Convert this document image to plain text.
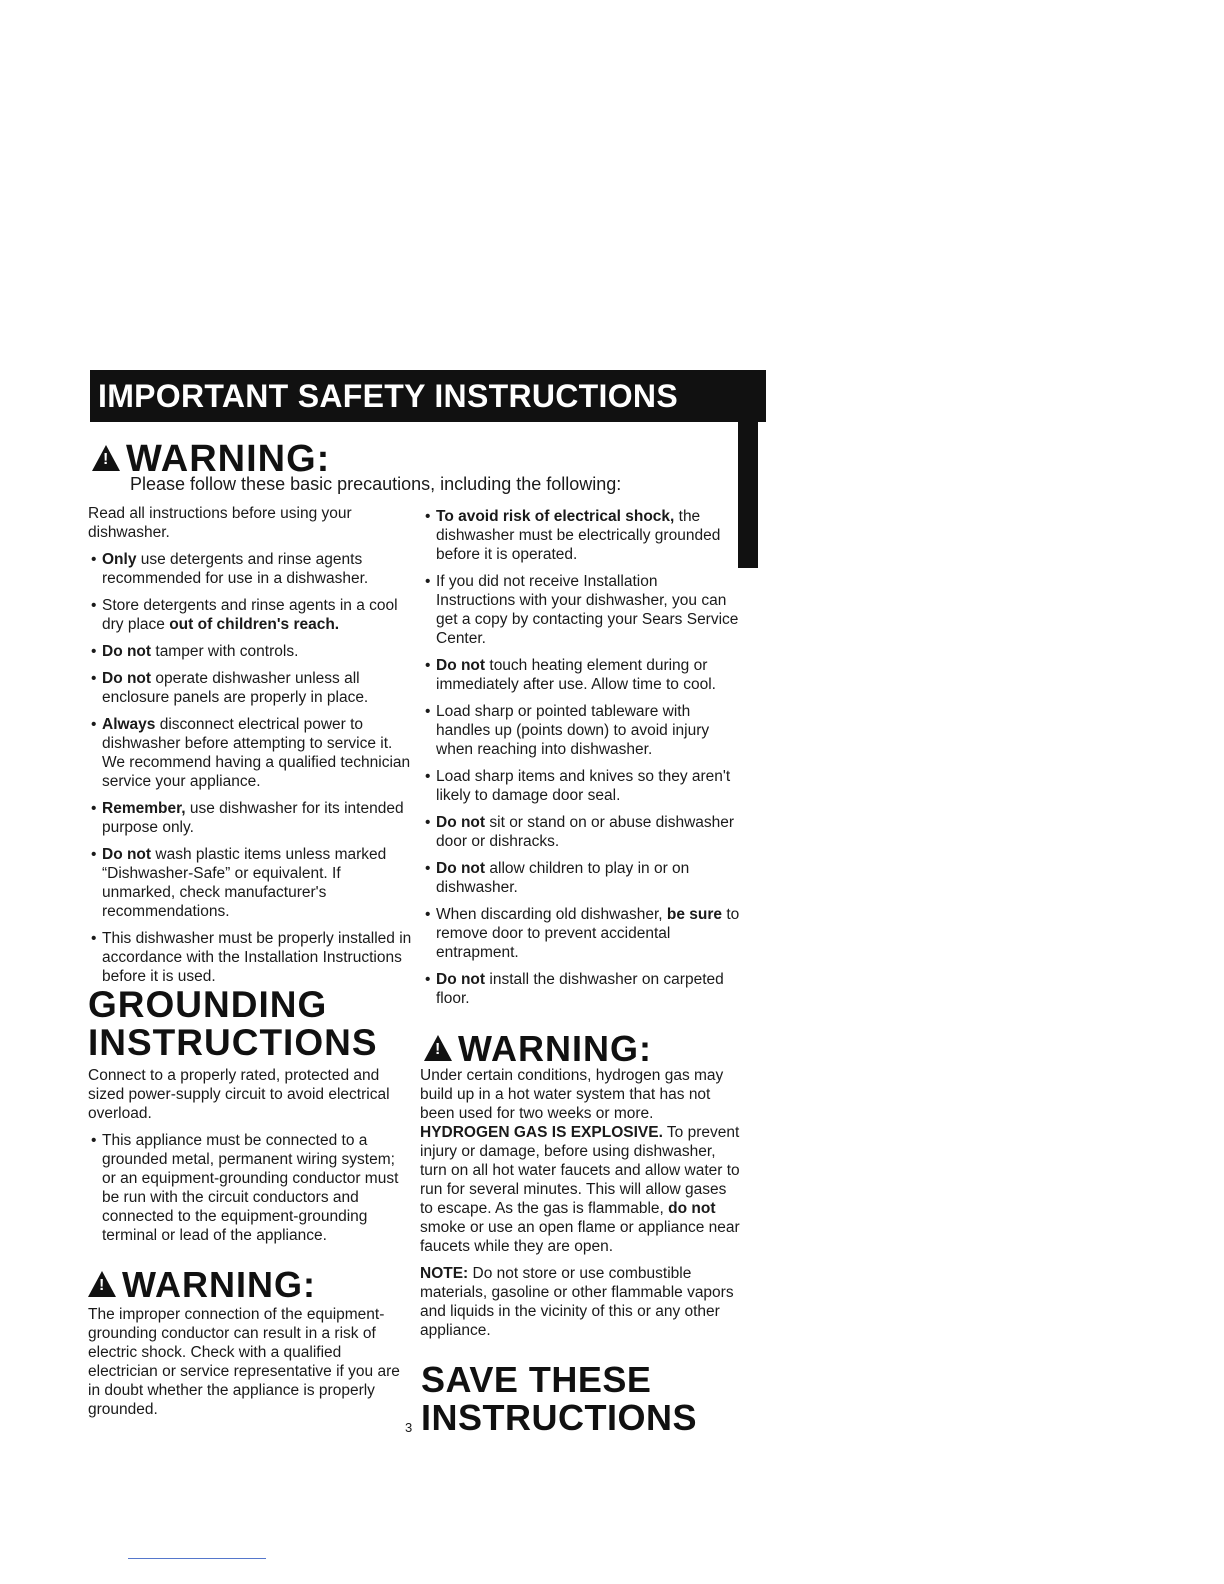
IMPORTANT SAFETY INSTRUCTIONS
!WARNING:
Please follow these basic precautions, including the following:

Read all instructions before using your dishwasher.

• Only use detergents and rinse agents recommended for use in a dishwasher.

• Store detergents and rinse agents in a cool dry place out of children's reach.

• Do not tamper with controls.

• Do not operate dishwasher unless all enclosure panels are properly in place.

• Always disconnect electrical power to dishwasher before attempting to service it. We recommend having a qualified technician service your appliance.

• Remember, use dishwasher for its intended purpose only.

• Do not wash plastic items unless marked “Dishwasher-Safe” or equivalent. If unmarked, check manufacturer's recommendations.

• This dishwasher must be properly installed in accordance with the Installation Instructions before it is used.

• To avoid risk of electrical shock, the dishwasher must be electrically grounded before it is operated.

• If you did not receive Installation Instructions with your dishwasher, you can get a copy by contacting your Sears Service Center.

• Do not touch heating element during or immediately after use. Allow time to cool.

• Load sharp or pointed tableware with handles up (points down) to avoid injury when reaching into dishwasher.

• Load sharp items and knives so they aren't likely to damage door seal.

• Do not sit or stand on or abuse dishwasher door or dishracks.

• Do not allow children to play in or on dishwasher.

• When discarding old dishwasher, be sure to remove door to prevent accidental entrapment.

• Do not install the dishwasher on carpeted floor.

GROUNDING
INSTRUCTIONS

Connect to a properly rated, protected and sized power-supply circuit to avoid electrical overload.

• This appliance must be connected to a grounded metal, permanent wiring system; or an equipment-grounding conductor must be run with the circuit conductors and connected to the equipment-grounding terminal or lead of the appliance.

!WARNING:
The improper connection of the equipment-grounding conductor can result in a risk of electric shock. Check with a qualified electrician or service representative if you are in doubt whether the appliance is properly grounded.
!WARNING:

Under certain conditions, hydrogen gas may build up in a hot water system that has not been used for two weeks or more. HYDROGEN GAS IS EXPLOSIVE. To prevent injury or damage, before using dishwasher, turn on all hot water faucets and allow water to run for several minutes. This will allow gases to escape. As the gas is flammable, do not smoke or use an open flame or appliance near faucets while they are open.

NOTE: Do not store or use combustible materials, gasoline or other flammable vapors and liquids in the vicinity of this or any other appliance.

SAVE THESE
INSTRUCTIONS
3
